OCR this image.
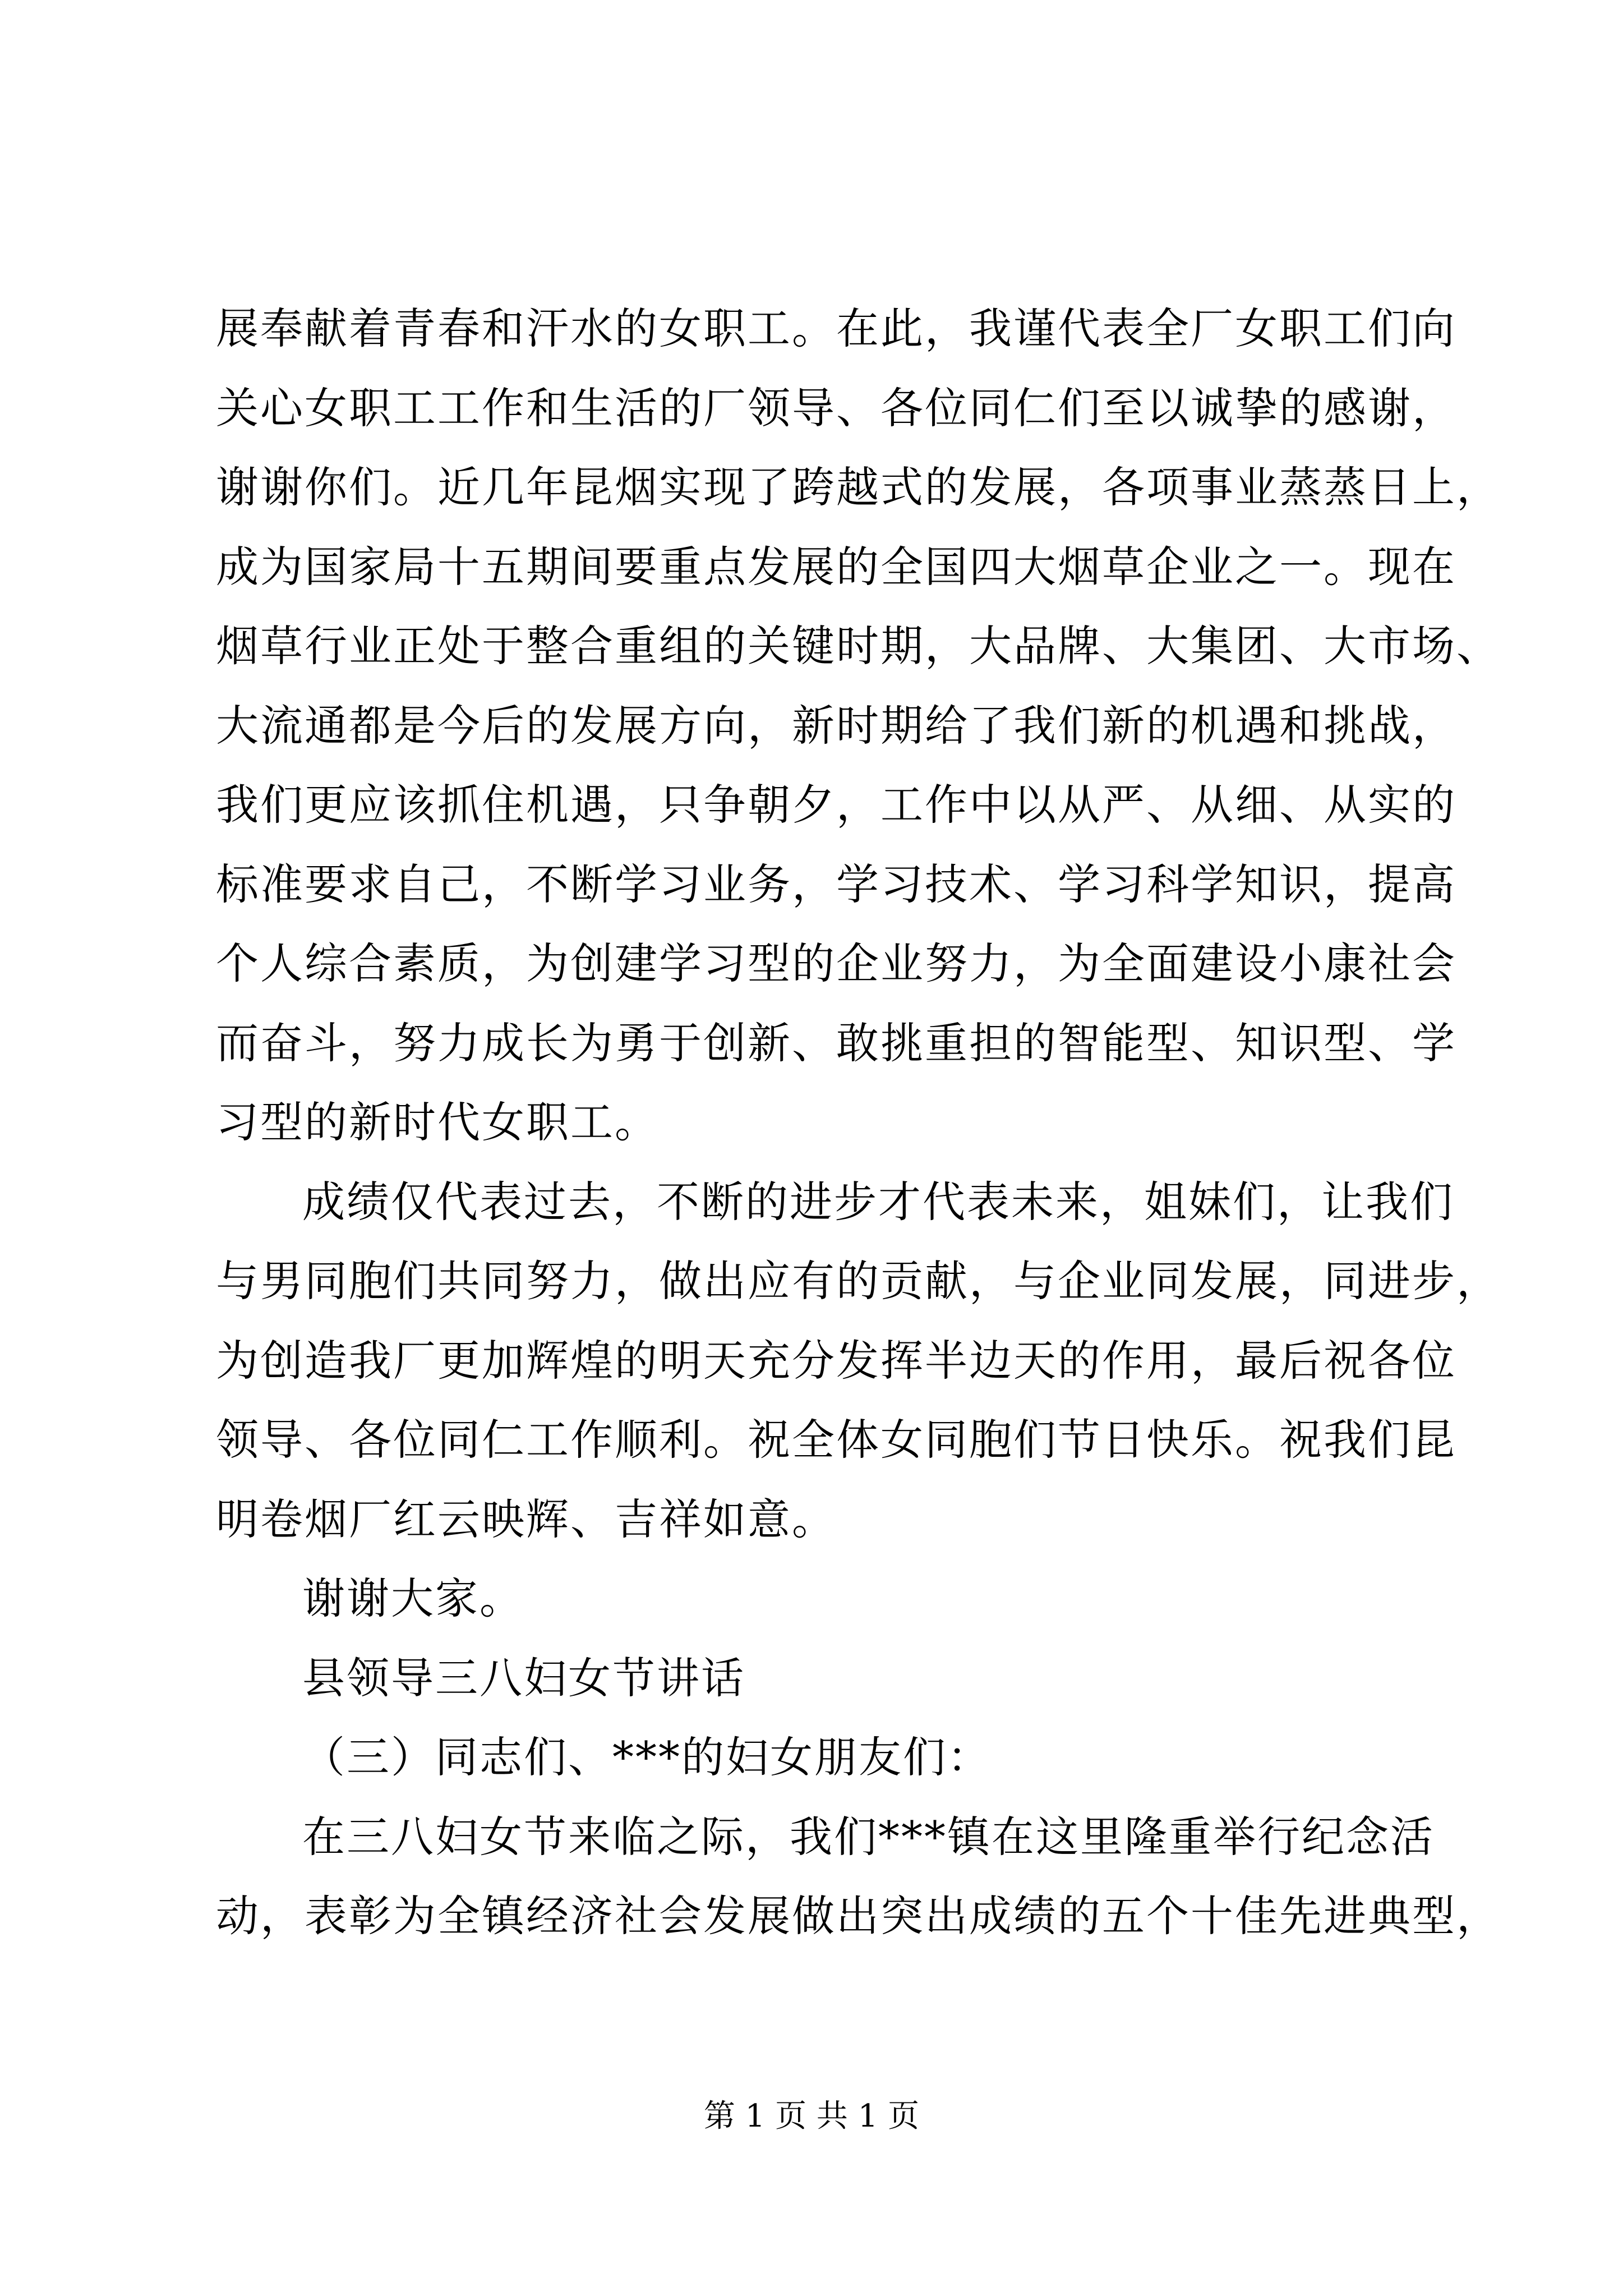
展奉献着青春和汗水的女职工。在此，我谨代表全厂女职工们向
关心女职工工作和生活的厂领导、各位同仁们至以诚挚的感谢，
谢谢你们。近几年昆烟实现了跨越式的发展，各项事业蒸蒸日上，
成为国家局十五期间要重点发展的全国四大烟草企业之一。现在
烟草行业正处于整合重组的关键时期，大品牌、大集团、大市场、
大流通都是今后的发展方向，新时期给了我们新的机遇和挑战，
我们更应该抓住机遇，只争朝夕，工作中以从严、从细、从实的
标准要求自己，不断学习业务，学习技术、学习科学知识，提高
个人综合素质，为创建学习型的企业努力，为全面建设小康社会
而奋斗，努力成长为勇于创新、敢挑重担的智能型、知识型、学
习型的新时代女职工。
成绩仅代表过去，不断的进步才代表未来，姐妹们，让我们
与男同胞们共同努力，做出应有的贡献，与企业同发展，同进步，
为创造我厂更加辉煌的明天充分发挥半边天的作用，最后祝各位
领导、各位同仁工作顺利。祝全体女同胞们节日快乐。祝我们昆
明卷烟厂红云映辉、吉祥如意。
谢谢大家。
县领导三八妇女节讲话
（三）同志们、***的妇女朋友们：
在三八妇女节来临之际，我们***镇在这里隆重举行纪念活
动，表彰为全镇经济社会发展做出突出成绩的五个十佳先进典型，
第 1 页 共 1 页
